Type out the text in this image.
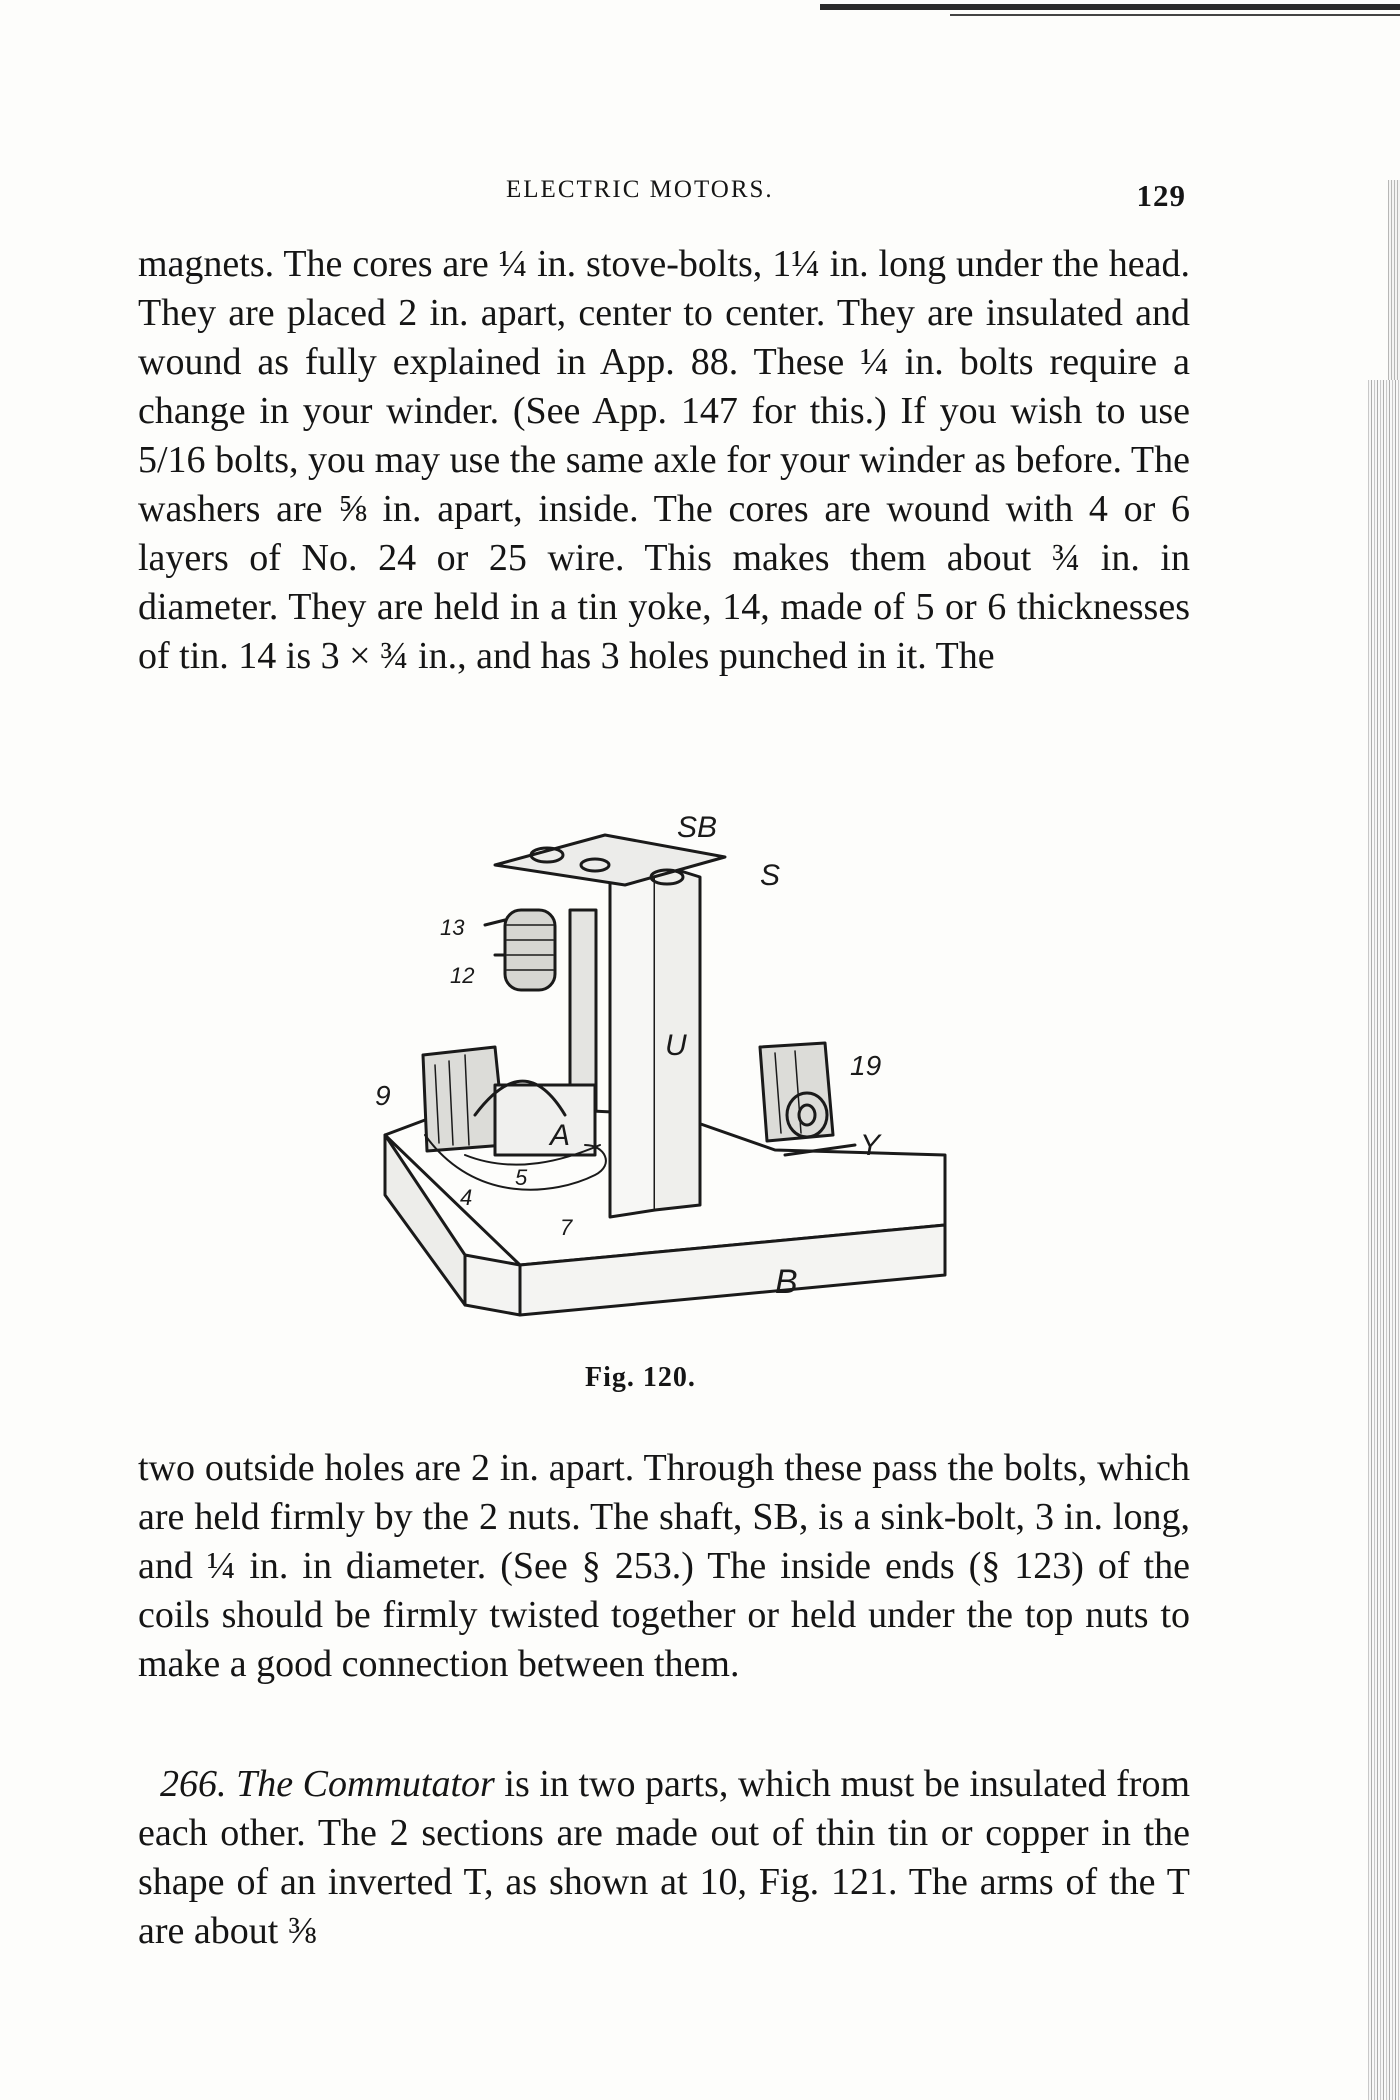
ELECTRIC MOTORS.	129

magnets. The cores are ¼ in. stove-bolts, 1¼ in. long under the head. They are placed 2 in. apart, center to center. They are insulated and wound as fully explained in App. 88. These ¼ in. bolts require a change in your winder. (See App. 147 for this.) If you wish to use 5/16 bolts, you may use the same axle for your winder as before. The washers are ⅝ in. apart, inside. The cores are wound with 4 or 6 layers of No. 24 or 25 wire. This makes them about ¾ in. in diameter. They are held in a tin yoke, 14, made of 5 or 6 thicknesses of tin. 14 is 3 × ¾ in., and has 3 holes punched in it. The

SB
S
13
12
U
19
9
A
5
4
7
Y
B
Fig. 120.

two outside holes are 2 in. apart. Through these pass the bolts, which are held firmly by the 2 nuts. The shaft, SB, is a sink-bolt, 3 in. long, and ¼ in. in diameter. (See § 253.) The inside ends (§ 123) of the coils should be firmly twisted together or held under the top nuts to make a good connection between them.

266. The Commutator is in two parts, which must be insulated from each other. The 2 sections are made out of thin tin or copper in the shape of an inverted T, as shown at 10, Fig. 121. The arms of the T are about ⅜
